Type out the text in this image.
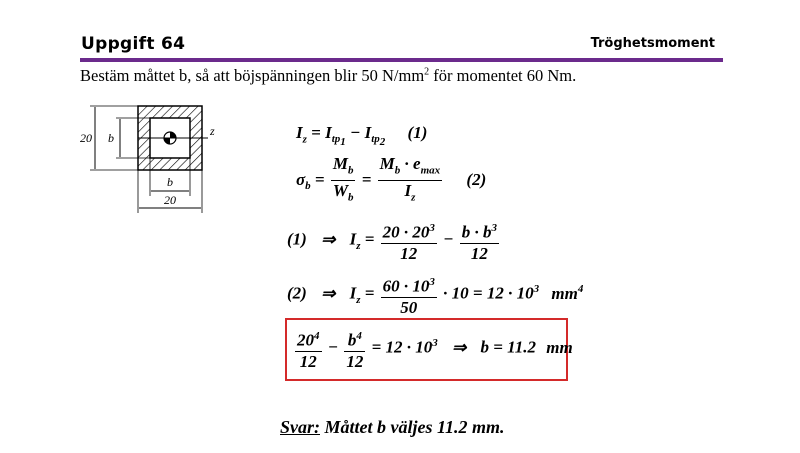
Uppgift 64	Tröghetsmoment
Bestäm måttet b, så att böjspänningen blir 50 $N/mm^2$ för momentet 60 Nm.
20 b
b
20
z	$I_z = I_{tp_1} - I_{tp_2}$ (1)
$\sigma_b = \frac{M_b}{W_b} = \frac{M_b \cdot e_{max}}{I_z} (2)$
(1) ⇒ $I_z = \frac{20 \cdot 20^3}{12} - \frac{b \cdot b^3}{12}$
(2) ⇒ $I_z = \frac{60 \cdot 10^3}{50} \cdot 10 = 12 \cdot 10^3$ $mm^4$
$\frac{20^4}{12} - \frac{b^4}{12} = 12 \cdot 10^3$ ⇒ b = 11.2 mm
Svar: Måttet b väljes 11.2 mm.
